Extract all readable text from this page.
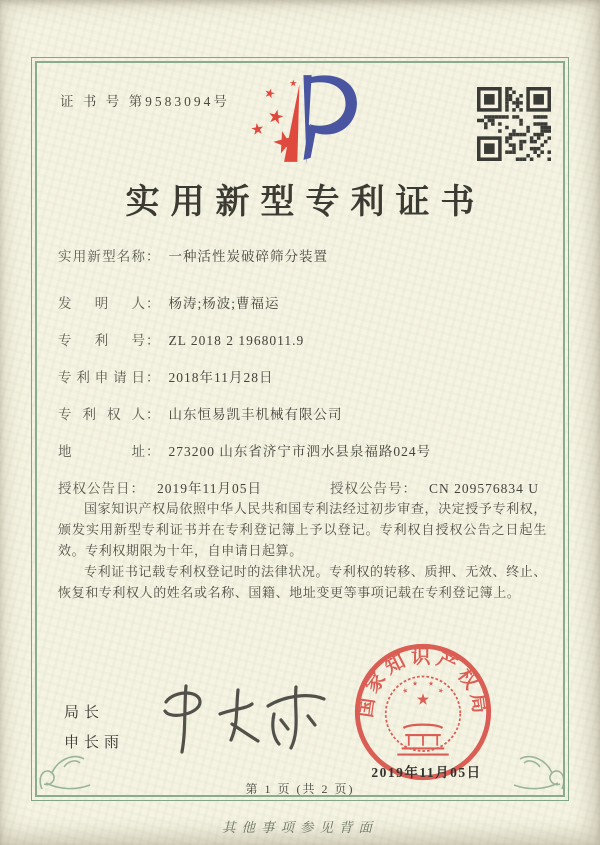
证 书 号 第9583094号
实用新型专利证书
实用新型名称： 一种活性炭破碎筛分装置
发明人： 杨涛;杨波;曹福运
专利号： ZL 2018 2 1968011.9
专利申请日： 2018年11月28日
专利权人： 山东恒易凯丰机械有限公司
地址： 273200 山东省济宁市泗水县泉福路024号
授权公告日： 2019年11月05日	授权公告号： CN 209576834 U

国家知识产权局依照中华人民共和国专利法经过初步审查，决定授予专利权，颁发实用新型专利证书并在专利登记簿上予以登记。专利权自授权公告之日起生效。专利权期限为十年，自申请日起算。

专利证书记载专利权登记时的法律状况。专利权的转移、质押、无效、终止、恢复和专利权人的姓名或名称、国籍、地址变更等事项记载在专利登记簿上。

局长
申长雨
国家知识产权局
2019年11月05日
第 1 页 (共 2 页)
其他事项参见背面
